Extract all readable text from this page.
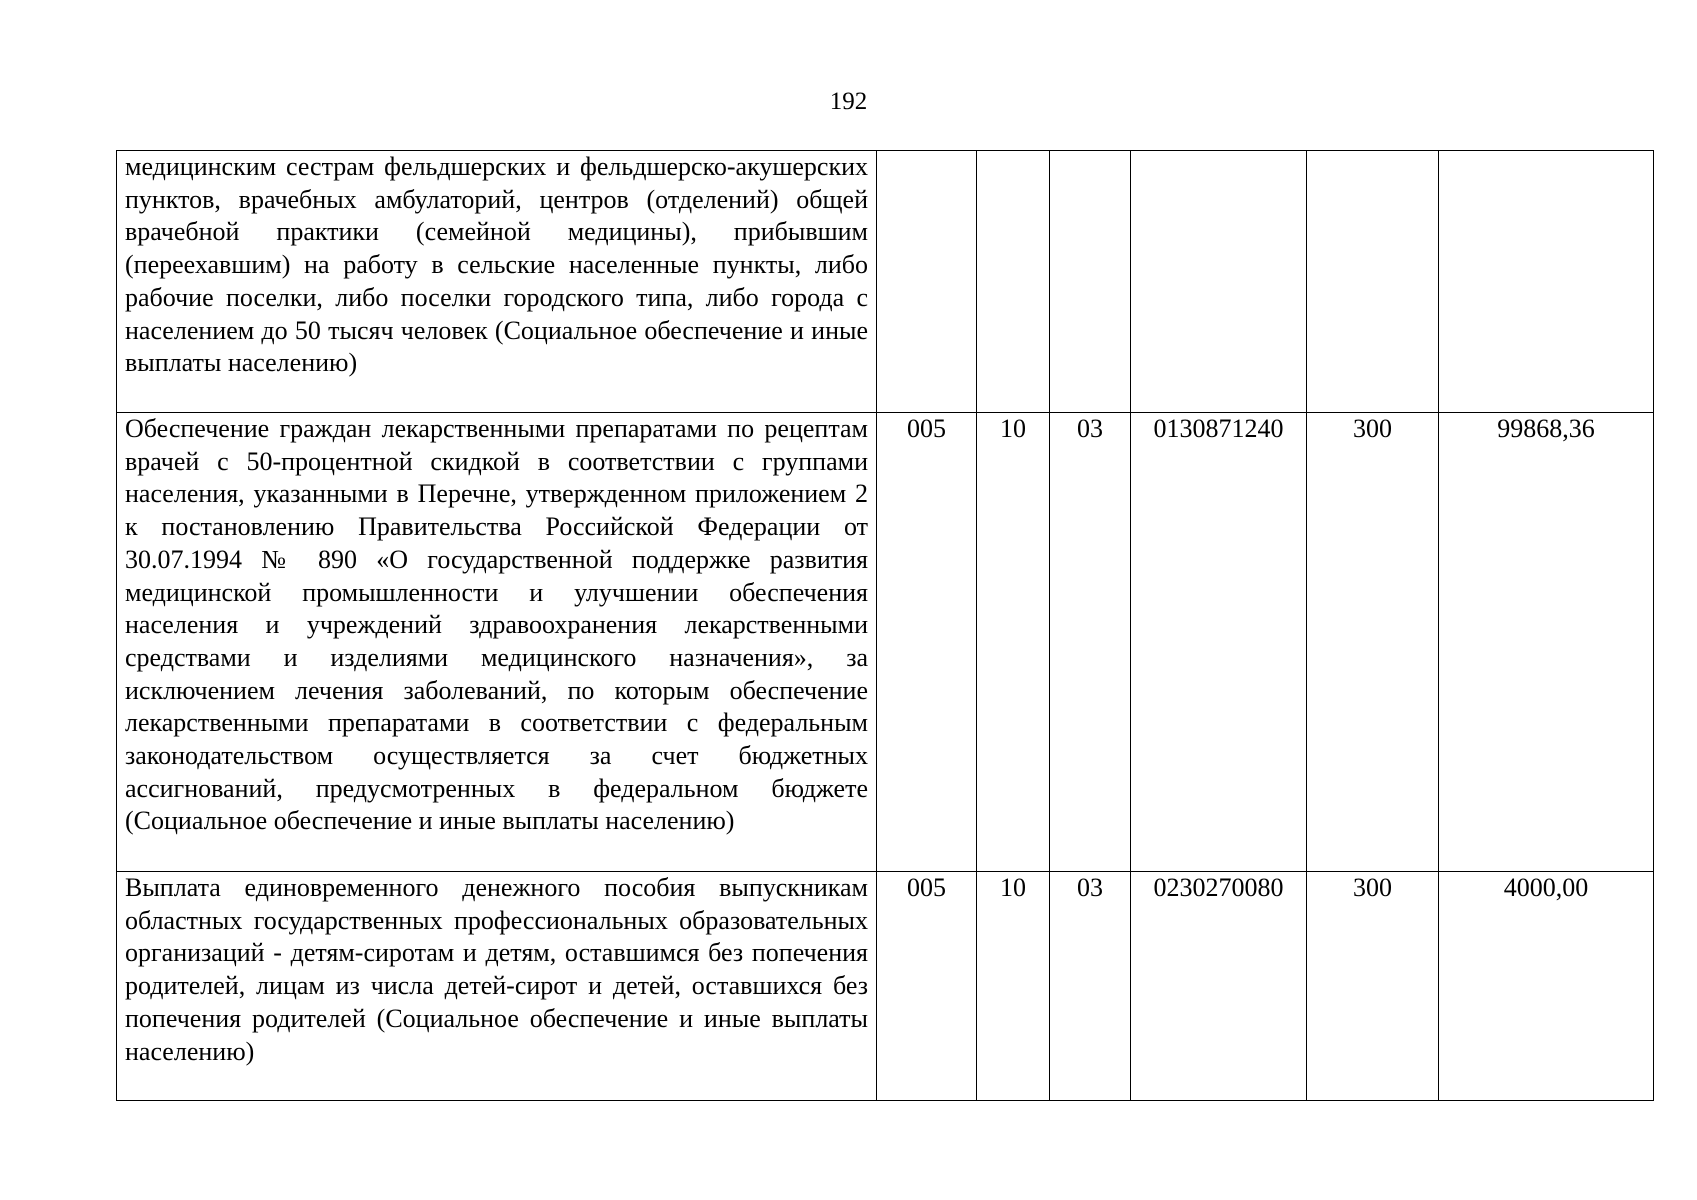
192
медицинским сестрам фельдшерских и фельдшерско-акушерских пунктов, врачебных амбулаторий, центров (отделений) общей врачебной практики (семейной медицины), прибывшим (переехавшим) на работу в сельские населенные пункты, либо рабочие поселки, либо поселки городского типа, либо города с населением до 50 тысяч человек (Социальное обеспечение и иные выплаты населению)						
Обеспечение граждан лекарственными препаратами по рецептам врачей с 50-процентной скидкой в соответствии с группами населения, указанными в Перечне, утвержденном приложением 2 к постановлению Правительства Российской Федерации от 30.07.1994 № 890 «О государственной поддержке развития медицинской промышленности и улучшении обеспечения населения и учреждений здравоохранения лекарственными средствами и изделиями медицинского назначения», за исключением лечения заболеваний, по которым обеспечение лекарственными препаратами в соответствии с федеральным законодательством осуществляется за счет бюджетных ассигнований, предусмотренных в федеральном бюджете (Социальное обеспечение и иные выплаты населению)	005	10	03	0130871240	300	99868,36
Выплата единовременного денежного пособия выпускникам областных государственных профессиональных образовательных организаций - детям-сиротам и детям, оставшимся без попечения родителей, лицам из числа детей-сирот и детей, оставшихся без попечения родителей (Социальное обеспечение и иные выплаты населению)	005	10	03	0230270080	300	4000,00
